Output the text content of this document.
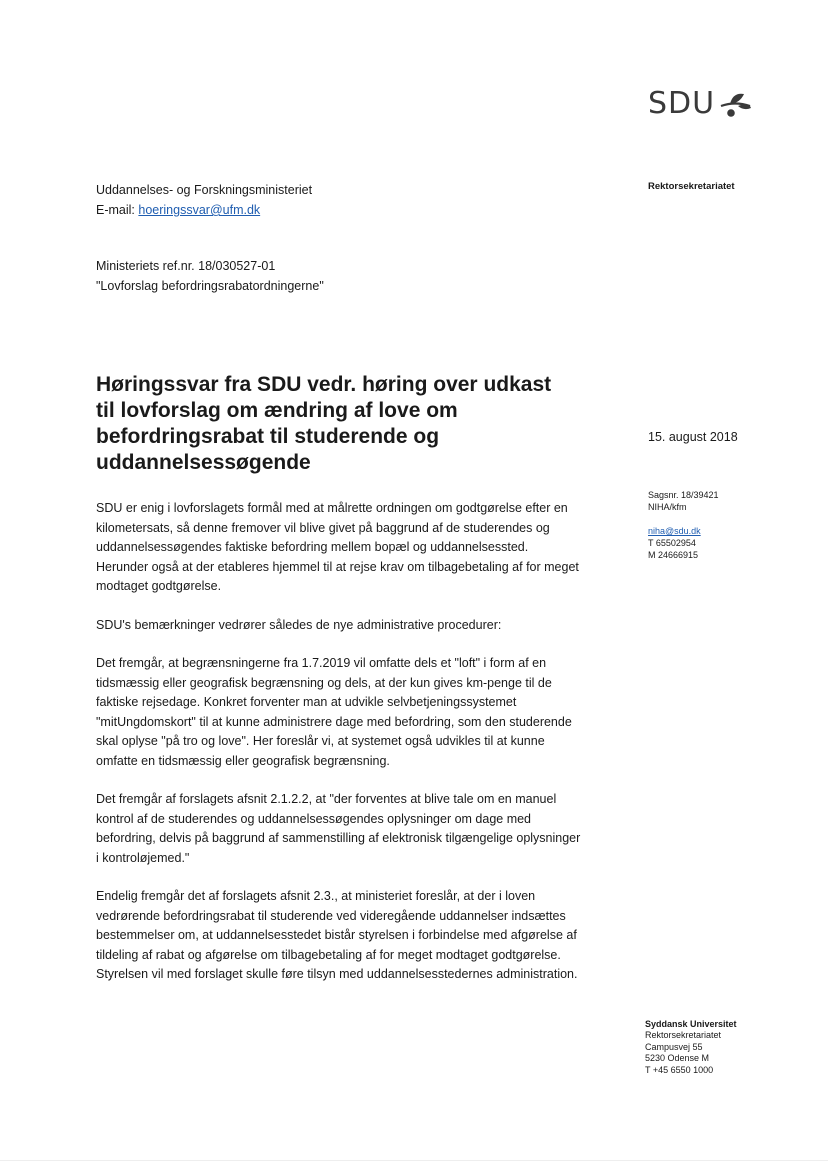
SDU
Uddannelses- og Forskningsministeriet
E-mail: hoeringssvar@ufm.dk
Rektorsekretariatet
Ministeriets ref.nr. 18/030527-01
"Lovforslag befordringsrabatordningerne"
Høringssvar fra SDU vedr. høring over udkast til lovforslag om ændring af love om befordringsrabat til studerende og uddannelsessøgende
15. august 2018
Sagsnr. 18/39421
NIHA/kfm
niha@sdu.dk
T 65502954
M 24666915

SDU er enig i lovforslagets formål med at målrette ordningen om godtgørelse efter en kilometersats, så denne fremover vil blive givet på baggrund af de studerendes og uddannelsessøgendes faktiske befordring mellem bopæl og uddannelsessted. Herunder også at der etableres hjemmel til at rejse krav om tilbagebetaling af for meget modtaget godtgørelse.

SDU's bemærkninger vedrører således de nye administrative procedurer:

Det fremgår, at begrænsningerne fra 1.7.2019 vil omfatte dels et "loft" i form af en tidsmæssig eller geografisk begrænsning og dels, at der kun gives km-penge til de faktiske rejsedage. Konkret forventer man at udvikle selvbetjeningssystemet "mitUngdomskort" til at kunne administrere dage med befordring, som den studerende skal oplyse "på tro og love". Her foreslår vi, at systemet også udvikles til at kunne omfatte en tidsmæssig eller geografisk begrænsning.

Det fremgår af forslagets afsnit 2.1.2.2, at "der forventes at blive tale om en manuel kontrol af de studerendes og uddannelsessøgendes oplysninger om dage med befordring, delvis på baggrund af sammenstilling af elektronisk tilgængelige oplysninger i kontroløjemed."

Endelig fremgår det af forslagets afsnit 2.3., at ministeriet foreslår, at der i loven vedrørende befordringsrabat til studerende ved videregående uddannelser indsættes bestemmelser om, at uddannelsesstedet bistår styrelsen i forbindelse med afgørelse af tildeling af rabat og afgørelse om tilbagebetaling af for meget modtaget godtgørelse. Styrelsen vil med forslaget skulle føre tilsyn med uddannelsesstedernes administration.

Syddansk Universitet
Rektorsekretariatet
Campusvej 55
5230 Odense M
T +45 6550 1000
